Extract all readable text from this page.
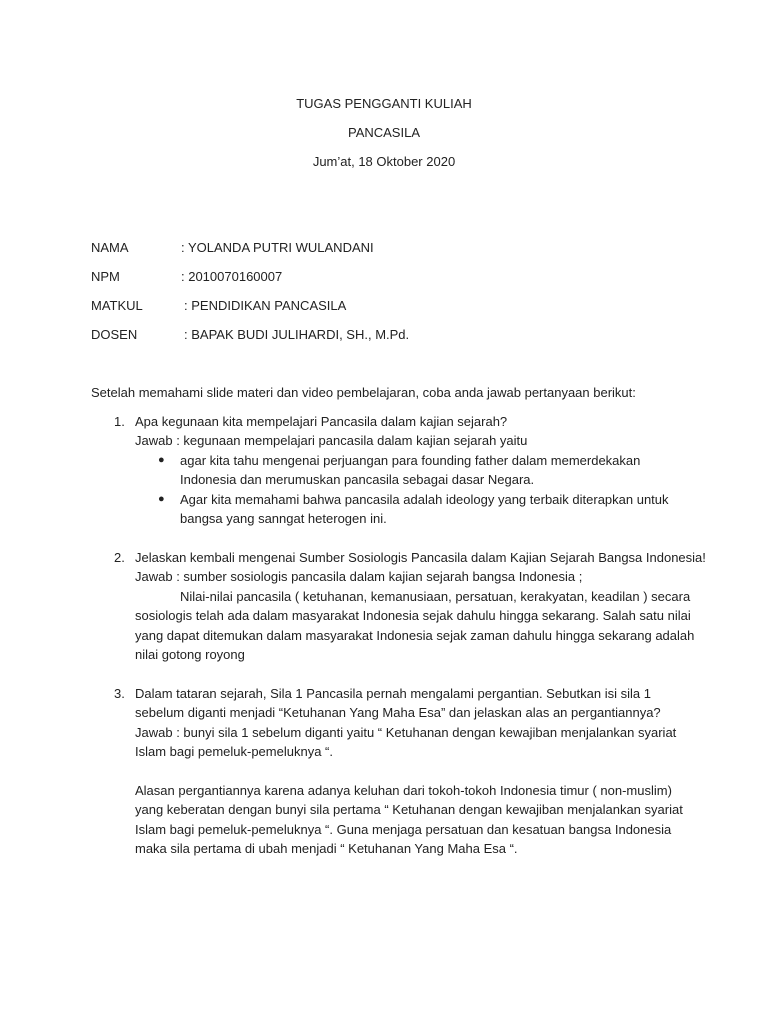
TUGAS PENGGANTI KULIAH
PANCASILA
Jum’at, 18 Oktober 2020
NAMA	: YOLANDA PUTRI WULANDANI
NPM	: 2010070160007
MATKUL	: PENDIDIKAN PANCASILA
DOSEN	: BAPAK BUDI JULIHARDI, SH., M.Pd.
Setelah memahami slide materi dan video pembelajaran, coba anda jawab pertanyaan berikut:
1. Apa kegunaan kita mempelajari Pancasila dalam kajian sejarah?
Jawab : kegunaan mempelajari pancasila dalam kajian sejarah yaitu
● agar kita tahu mengenai perjuangan para founding father dalam memerdekakan
Indonesia dan merumuskan pancasila sebagai dasar Negara.
● Agar kita memahami bahwa pancasila adalah ideology yang terbaik diterapkan untuk
bangsa yang sanngat heterogen ini.
2. Jelaskan kembali mengenai Sumber Sosiologis Pancasila dalam Kajian Sejarah Bangsa Indonesia!
Jawab : sumber sosiologis pancasila dalam kajian sejarah bangsa Indonesia ;
Nilai-nilai pancasila ( ketuhanan, kemanusiaan, persatuan, kerakyatan, keadilan ) secara
sosiologis telah ada dalam masyarakat Indonesia sejak dahulu hingga sekarang. Salah satu nilai
yang dapat ditemukan dalam masyarakat Indonesia sejak zaman dahulu hingga sekarang adalah
nilai gotong royong
3. Dalam tataran sejarah, Sila 1 Pancasila pernah mengalami pergantian. Sebutkan isi sila 1
sebelum diganti menjadi “Ketuhanan Yang Maha Esa” dan jelaskan alas an pergantiannya?
Jawab : bunyi sila 1 sebelum diganti yaitu “ Ketuhanan dengan kewajiban menjalankan syariat
Islam bagi pemeluk-pemeluknya “.
Alasan pergantiannya karena adanya keluhan dari tokoh-tokoh Indonesia timur ( non-muslim)
yang keberatan dengan bunyi sila pertama “ Ketuhanan dengan kewajiban menjalankan syariat
Islam bagi pemeluk-pemeluknya “. Guna menjaga persatuan dan kesatuan bangsa Indonesia
maka sila pertama di ubah menjadi “ Ketuhanan Yang Maha Esa “.
